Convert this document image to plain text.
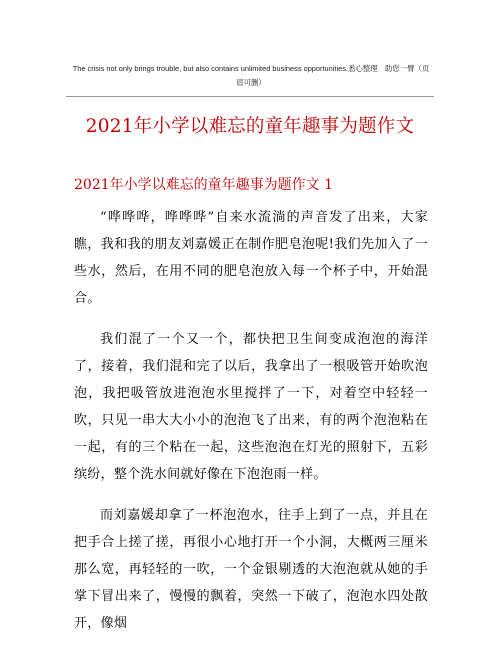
The crisis not only brings trouble, but also contains unlimited business opportunities.悉心整理　助您一臂（页
眉可删）
2021年小学以难忘的童年趣事为题作文
2021年小学以难忘的童年趣事为题作文 1

“哗哗哗，哗哗哗”自来水流淌的声音发了出来，大家瞧，我和我的朋友刘嘉媛正在制作肥皂泡呢!我们先加入了一些水，然后，在用不同的肥皂泡放入每一个杯子中，开始混合。

我们混了一个又一个，都快把卫生间变成泡泡的海洋了，接着，我们混和完了以后，我拿出了一根吸管开始吹泡泡，我把吸管放进泡泡水里搅拌了一下，对着空中轻轻一吹，只见一串大大小小的泡泡飞了出来，有的两个泡泡粘在一起，有的三个粘在一起，这些泡泡在灯光的照射下，五彩缤纷，整个洗水间就好像在下泡泡雨一样。

而刘嘉媛却拿了一杯泡泡水，往手上到了一点，并且在把手合上搓了搓，再很小心地打开一个小洞，大概两三厘米那么宽，再轻轻的一吹，一个金银剔透的大泡泡就从她的手掌下冒出来了，慢慢的飘着，突然一下破了，泡泡水四处散开，像烟
